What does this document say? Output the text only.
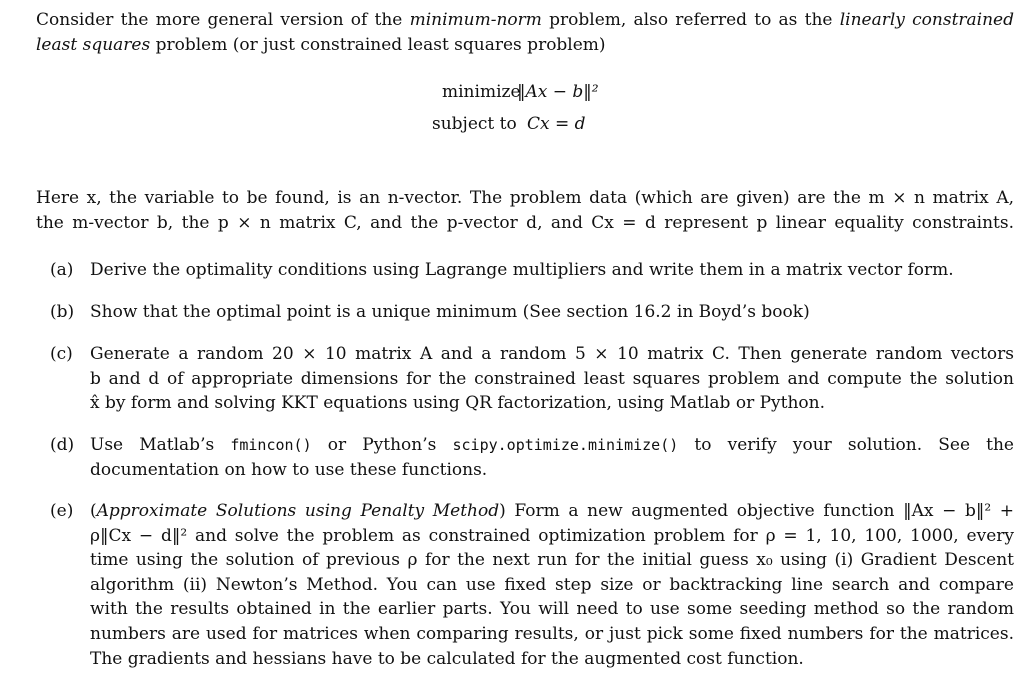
Consider the more general version of the minimum-norm problem, also referred to as the linearly constrained
least squares problem (or just constrained least squares problem)
minimize
‖Ax − b‖²
subject to Cx = d
Here x, the variable to be found, is an n-vector. The problem data (which are given) are the m × n matrix A,
the m-vector b, the p × n matrix C, and the p-vector d, and Cx = d represent p linear equality constraints.
(a) Derive the optimality conditions using Lagrange multipliers and write them in a matrix vector form.
(b) Show that the optimal point is a unique minimum (See section 16.2 in Boyd’s book)
(c)	Generate a random 20 × 10 matrix A and a random 5 × 10 matrix C. Then generate random vectors
b and d of appropriate dimensions for the constrained least squares problem and compute the solution
x̂ by form and solving KKT equations using QR factorization, using Matlab or Python.
(d) Use Matlab’s fmincon() or Python’s scipy.optimize.minimize() to verify your solution. See the
documentation on how to use these functions.
(e) (Approximate Solutions using Penalty Method) Form a new augmented objective function ‖Ax − b‖² +
ρ‖Cx − d‖² and solve the problem as constrained optimization problem for ρ = 1, 10, 100, 1000, every
time using the solution of previous ρ for the next run for the initial guess x₀ using (i) Gradient Descent
algorithm (ii) Newton’s Method. You can use fixed step size or backtracking line search and compare
with the results obtained in the earlier parts. You will need to use some seeding method so the random
numbers are used for matrices when comparing results, or just pick some fixed numbers for the matrices.
The gradients and hessians have to be calculated for the augmented cost function.
